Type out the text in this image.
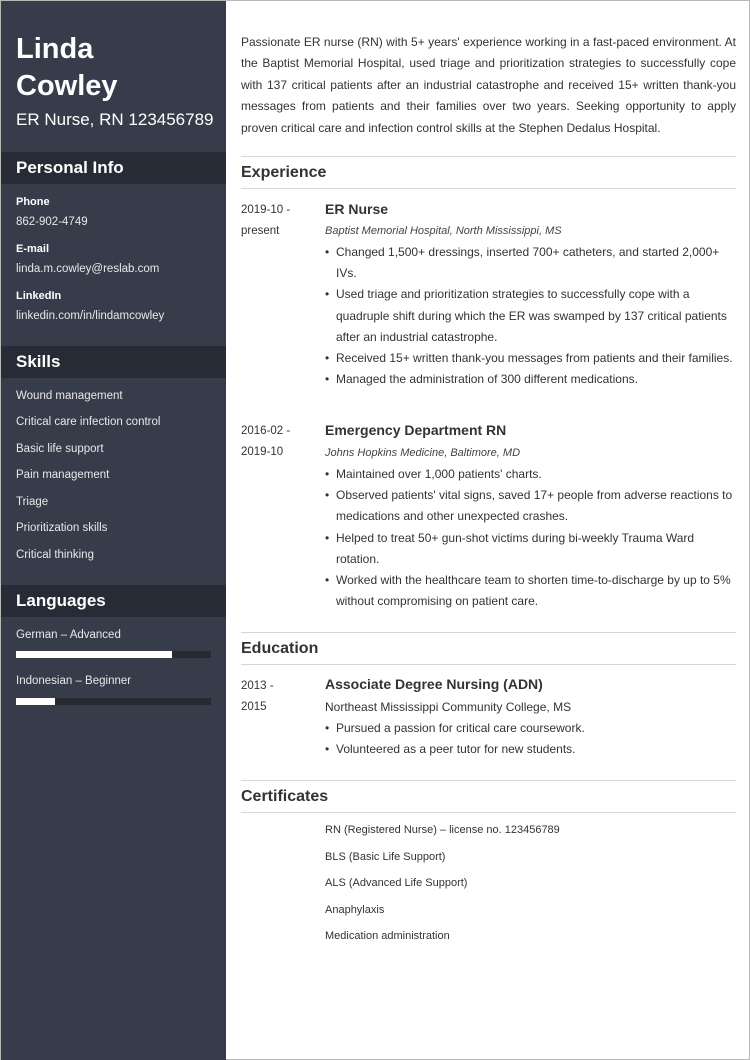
Linda
Cowley
ER Nurse, RN 123456789
Personal Info
Phone
862-902-4749
E-mail
linda.m.cowley@reslab.com
LinkedIn
linkedin.com/in/lindamcowley
Skills
Wound management
Critical care infection control
Basic life support
Pain management
Triage
Prioritization skills
Critical thinking
Languages
German – Advanced
Indonesian – Beginner
Passionate ER nurse (RN) with 5+ years' experience working in a fast-paced environment. At the Baptist Memorial Hospital, used triage and prioritization strategies to successfully cope with 137 critical patients after an industrial catastrophe and received 15+ written thank-you messages from patients and their families over two years. Seeking opportunity to apply proven critical care and infection control skills at the Stephen Dedalus Hospital.
Experience
2019-10 -
present
ER Nurse
Baptist Memorial Hospital, North Mississippi, MS
• Changed 1,500+ dressings, inserted 700+ catheters, and started 2,000+ IVs.
• Used triage and prioritization strategies to successfully cope with a quadruple shift during which the ER was swamped by 137 critical patients after an industrial catastrophe.
• Received 15+ written thank-you messages from patients and their families.
• Managed the administration of 300 different medications.
2016-02 -
2019-10
Emergency Department RN
Johns Hopkins Medicine, Baltimore, MD
• Maintained over 1,000 patients' charts.
• Observed patients' vital signs, saved 17+ people from adverse reactions to medications and other unexpected crashes.
• Helped to treat 50+ gun-shot victims during bi-weekly Trauma Ward rotation.
• Worked with the healthcare team to shorten time-to-discharge by up to 5% without compromising on patient care.
Education
2013 -
2015
Associate Degree Nursing (ADN)
Northeast Mississippi Community College, MS
• Pursued a passion for critical care coursework.
• Volunteered as a peer tutor for new students.
Certificates
RN (Registered Nurse) – license no. 123456789
BLS (Basic Life Support)
ALS (Advanced Life Support)
Anaphylaxis
Medication administration
